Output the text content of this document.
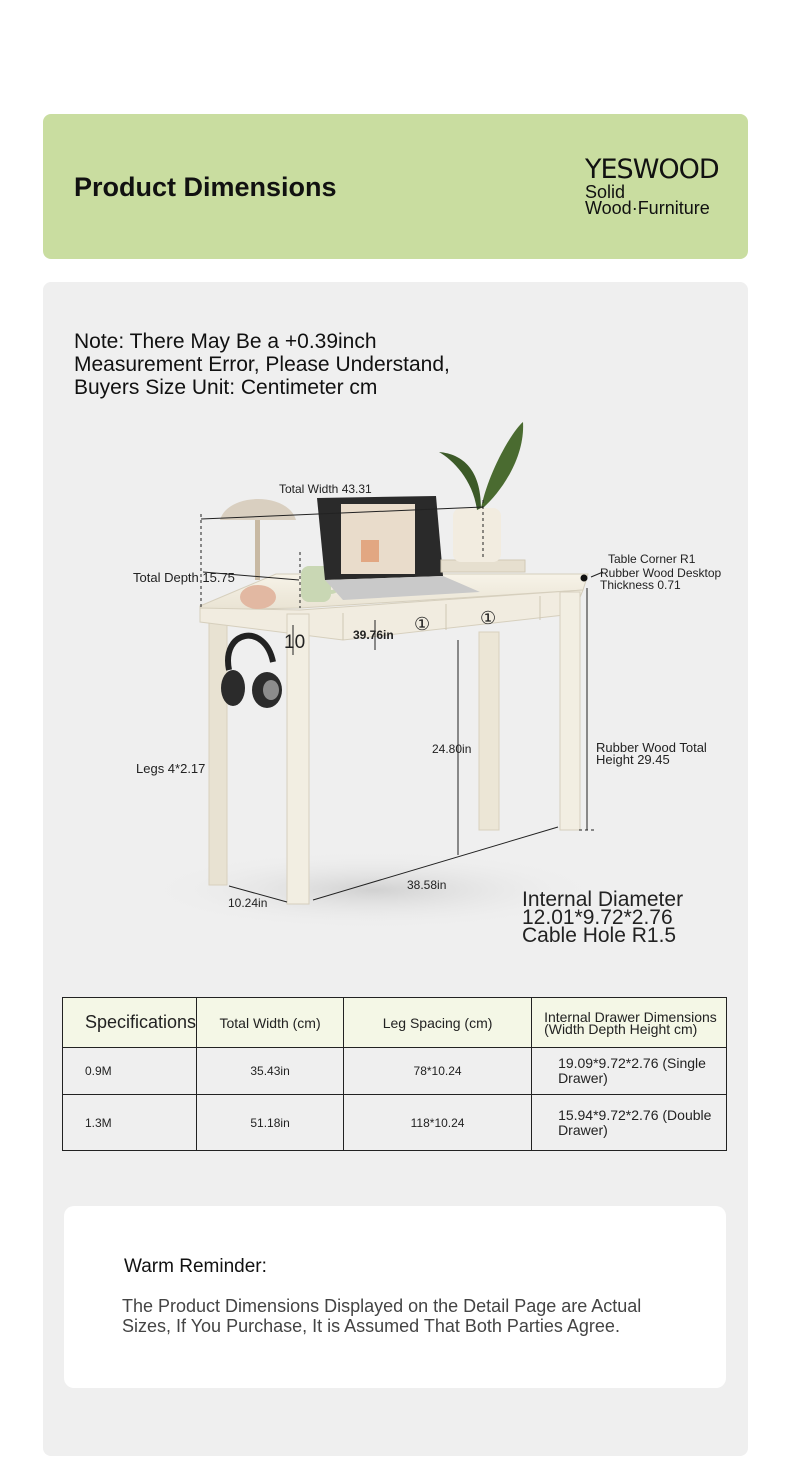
Product Dimensions
YESWOOD
Solid
Wood·Furniture
Note: There May Be a +0.39inch
Measurement Error, Please Understand,
Buyers Size Unit: Centimeter cm
Total Width 43.31
Total Depth 15.75
Table Corner R1
Rubber Wood Desktop
Thickness 0.71
10	39.76in
①	①
Legs 4*2.17
24.80in	Rubber Wood Total
Height 29.45
38.58in
10.24in	Internal Diameter
12.01*9.72*2.76
Cable Hole R1.5
Specifications	Total Width (cm)	Leg Spacing (cm)	Internal Drawer Dimensions (Width Depth Height cm)
0.9M	35.43in	78*10.24	19.09*9.72*2.76 (Single Drawer)
1.3M	51.18in	118*10.24	15.94*9.72*2.76 (Double Drawer)
Warm Reminder:
The Product Dimensions Displayed on the Detail Page are Actual Sizes, If You Purchase, It is Assumed That Both Parties Agree.
